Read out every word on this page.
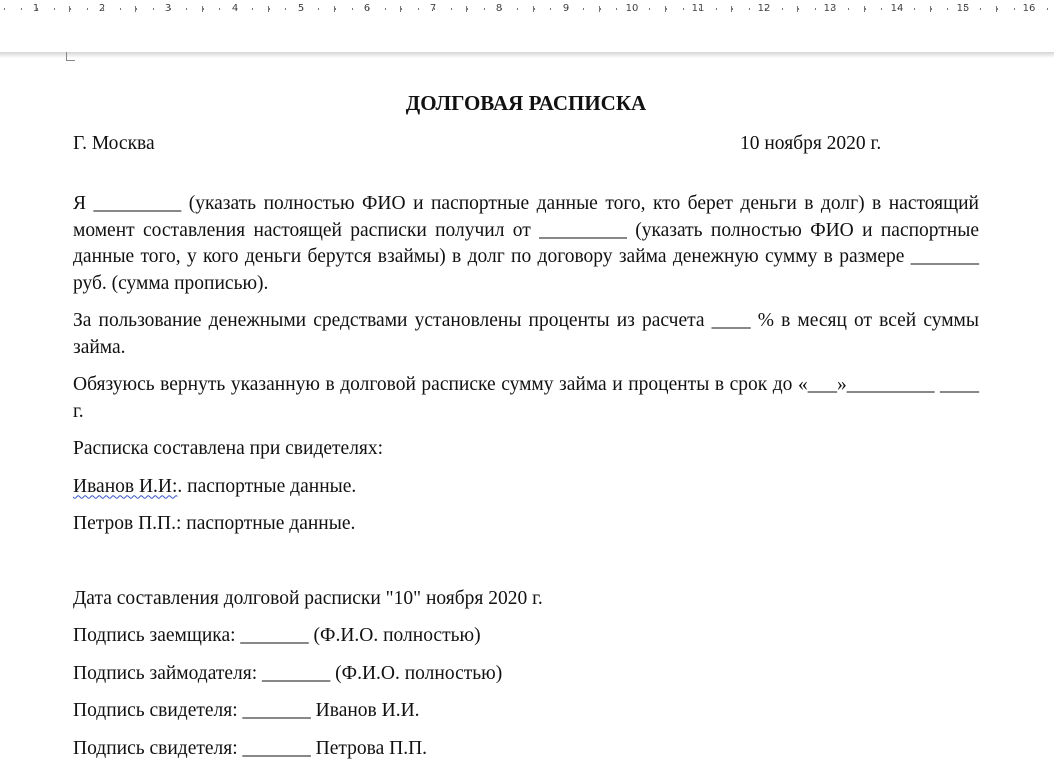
1	2	3	4	5	6	7	8	9	10	11	12	13	14	15	16
ДОЛГОВАЯ РАСПИСКА
Г. Москва	10 ноября 2020 г.

Я _________ (указать полностью ФИО и паспортные данные того, кто берет деньги в долг) в настоящий момент составления настоящей расписки получил от _________ (указать полностью ФИО и паспортные данные того, у кого деньги берутся взаймы) в долг по договору займа денежную сумму в размере _______ руб. (сумма прописью).

За пользование денежными средствами установлены проценты из расчета ____ % в месяц от всей суммы займа.

Обязуюсь вернуть указанную в долговой расписке сумму займа и проценты в срок до «___»_________ ____ г.

Расписка составлена при свидетелях:

Иванов И.И:. паспортные данные.

Петров П.П.: паспортные данные.

Дата составления долговой расписки "10" ноября 2020 г.

Подпись заемщика: _______ (Ф.И.О. полностью)

Подпись займодателя: _______ (Ф.И.О. полностью)

Подпись свидетеля: _______ Иванов И.И.

Подпись свидетеля: _______ Петрова П.П.
